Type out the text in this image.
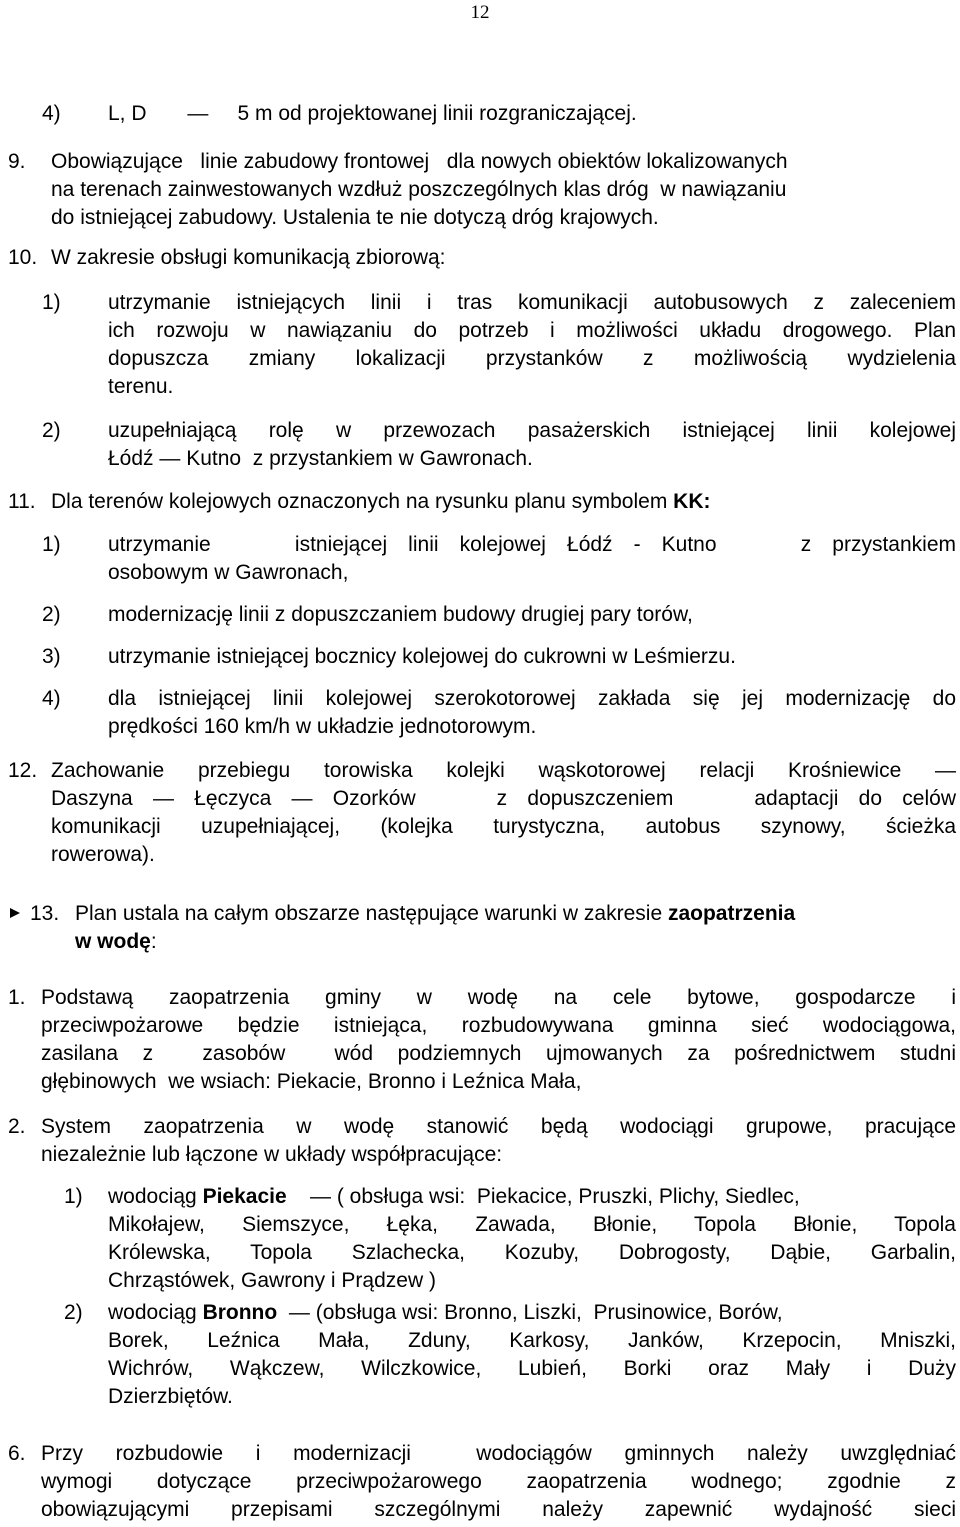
12
4) L, D       —     5 m od projektowanej linii rozgraniczającej.
9. Obowiązujące   linie zabudowy frontowej   dla nowych obiektów lokalizowanych
na terenach zainwestowanych wzdłuż poszczególnych klas dróg  w nawiązaniu
do istniejącej zabudowy. Ustalenia te nie dotyczą dróg krajowych.
10. W zakresie obsługi komunikacją zbiorową:
1) utrzymanie istniejących linii i tras komunikacji autobusowych z zaleceniem
ich rozwoju w nawiązaniu do potrzeb i możliwości układu drogowego. Plan
dopuszcza zmiany lokalizacji przystanków z możliwością wydzielenia
terenu.
2) uzupełniającą rolę w przewozach pasażerskich istniejącej linii kolejowej
Łódź — Kutno  z przystankiem w Gawronach.
11. Dla terenów kolejowych oznaczonych na rysunku planu symbolem KK:
1) utrzymanie    istniejącej linii kolejowej Łódź - Kutno    z przystankiem
osobowym w Gawronach,
2) modernizację linii z dopuszczaniem budowy drugiej pary torów,
3) utrzymanie istniejącej bocznicy kolejowej do cukrowni w Leśmierzu.
4) dla istniejącej linii kolejowej szerokotorowej zakłada się jej modernizację do
prędkości 160 km/h w układzie jednotorowym.
12. Zachowanie przebiegu torowiska kolejki wąskotorowej relacji Krośniewice —
Daszyna — Łęczyca — Ozorków    z dopuszczeniem    adaptacji do celów
komunikacji uzupełniającej, (kolejka turystyczna, autobus szynowy, ścieżka
rowerowa).
13. Plan ustala na całym obszarze następujące warunki w zakresie zaopatrzenia
w wodę:
1. Podstawą zaopatrzenia gminy w wodę na cele bytowe, gospodarcze i
przeciwpożarowe będzie istniejąca, rozbudowywana gminna sieć wodociągowa,
zasilana z  zasobów  wód podziemnych ujmowanych za pośrednictwem studni
głębinowych  we wsiach: Piekacie, Bronno i Leźnica Mała,
2. System zaopatrzenia w wodę stanowić będą wodociągi grupowe, pracujące
niezależnie lub łączone w układy współpracujące:
1) wodociąg Piekacie    — ( obsługa wsi:  Piekacice, Pruszki, Plichy, Siedlec,
Mikołajew, Siemszyce, Łęka, Zawada, Błonie, Topola Błonie, Topola
Królewska, Topola Szlachecka, Kozuby, Dobrogosty, Dąbie, Garbalin,
Chrząstówek, Gawrony i Prądzew )
2) wodociąg Bronno  — (obsługa wsi: Bronno, Liszki,  Prusinowice, Borów,
Borek, Leźnica Mała, Zduny, Karkosy, Janków, Krzepocin, Mniszki,
Wichrów, Wąkczew, Wilczkowice, Lubień, Borki oraz Mały i Duży
Dzierzbiętów.
6. Przy rozbudowie i modernizacji  wodociągów gminnych należy uwzględniać
wymogi dotyczące przeciwpożarowego zaopatrzenia wodnego; zgodnie z
obowiązującymi przepisami szczególnymi należy zapewnić wydajność sieci
